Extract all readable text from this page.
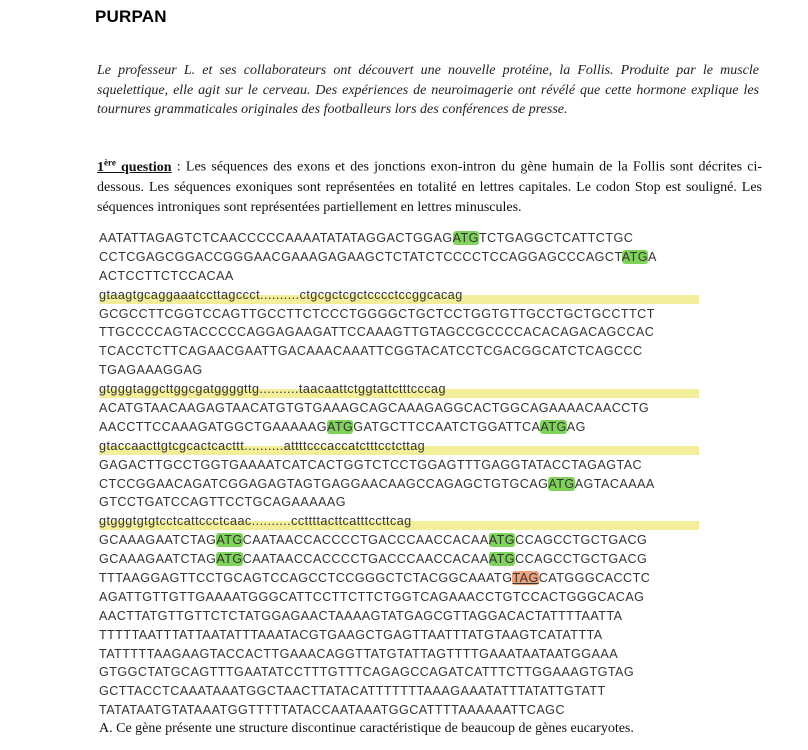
PURPAN

Le professeur L. et ses collaborateurs ont découvert une nouvelle protéine, la Follis. Produite par le muscle squelettique, elle agit sur le cerveau. Des expériences de neuroimagerie ont révélé que cette hormone explique les tournures grammaticales originales des footballeurs lors des conférences de presse.

1ère question : Les séquences des exons et des jonctions exon-intron du gène humain de la Follis sont décrites ci-dessous. Les séquences exoniques sont représentées en totalité en lettres capitales. Le codon Stop est souligné. Les séquences introniques sont représentées partiellement en lettres minuscules.

AATATTAGAGTCTCAACCCCCAAAATATATAGGACTGGAGATGTCTGAGGCTCATTCTGC
CCTCGAGCGGACCGGGAACGAAAGAGAAGCTCTATCTCCCCTCCAGGAGCCCAGCTATGA
ACTCCTTCTCCACAA
gtaagtgcaggaaatccttagccct..........ctgcgctcgctcccctccggcacag
GCGCCTTCGGTCCAGTTGCCTTCTCCCTGGGGCTGCTCCTGGTGTTGCCTGCTGCCTTCT
TTGCCCCAGTACCCCCAGGAGAAGATTCCAAAGTTGTAGCCGCCCCACACAGACAGCCAC
TCACCTCTTCAGAACGAATTGACAAACAAATTCGGTACATCCTCGACGGCATCTCAGCCC
TGAGAAAGGAG
gtgggtaggcttggcgatggggttg..........taacaattctggtattctttcccag
ACATGTAACAAGAGTAACATGTGTGAAAGCAGCAAAGAGGCACTGGCAGAAAACAACCTG
AACCTTCCAAAGATGGCTGAAAAAGATGGATGCTTCCAATCTGGATTCAATGAG
gtaccaacttgtcgcactcacttt..........attttcccaccatctttcctcttag
GAGACTTGCCTGGTGAAAATCATCACTGGTCTCCTGGAGTTTGAGGTATACCTAGAGTAC
CTCCGGAACAGATCGGAGAGTAGTGAGGAACAAGCCAGAGCTGTGCAGATGAGTACAAAA
GTCCTGATCCAGTTCCTGCAGAAAAAG
gtgggtgtgtcctcattccctcaac..........ccttttacttcatttccttcag
GCAAAGAATCTAGATGCAATAACCACCCCTGACCCAACCACAAATGCCAGCCTGCTGACG
GCAAAGAATCTAGATGCAATAACCACCCCTGACCCAACCACAAATGCCAGCCTGCTGACG
TTTAAGGAGTTCCTGCAGTCCAGCCTCCGGGCTCTACGGCAAATGTAGCATGGGCACCTC
AGATTGTTGTTGAAAATGGGCATTCCTTCTTCTGGTCAGAAACCTGTCCACTGGGCACAG
AACTTATGTTGTTCTCTATGGAGAACTAAAAGTATGAGCGTTAGGACACTATTTTAATTA
TTTTTAATTTATTAATATTTAAATACGTGAAGCTGAGTTAATTTATGTAAGTCATATTTA
TATTTTTAAGAAGTACCACTTGAAACAGGTTATGTATTAGTTTTGAAATAATAATGGAAA
GTGGCTATGCAGTTTGAATATCCTTTGTTTCAGAGCCAGATCATTTCTTGGAAAGTGTAG
GCTTACCTCAAATAAATGGCTAACTTATACATTTTTTTAAAGAAATATTTATATTGTATT
TATATAATGTATAAATGGTTTTTATACCAATAAATGGCATTTTAAAAAATTCAGC

A. Ce gène présente une structure discontinue caractéristique de beaucoup de gènes eucaryotes.
